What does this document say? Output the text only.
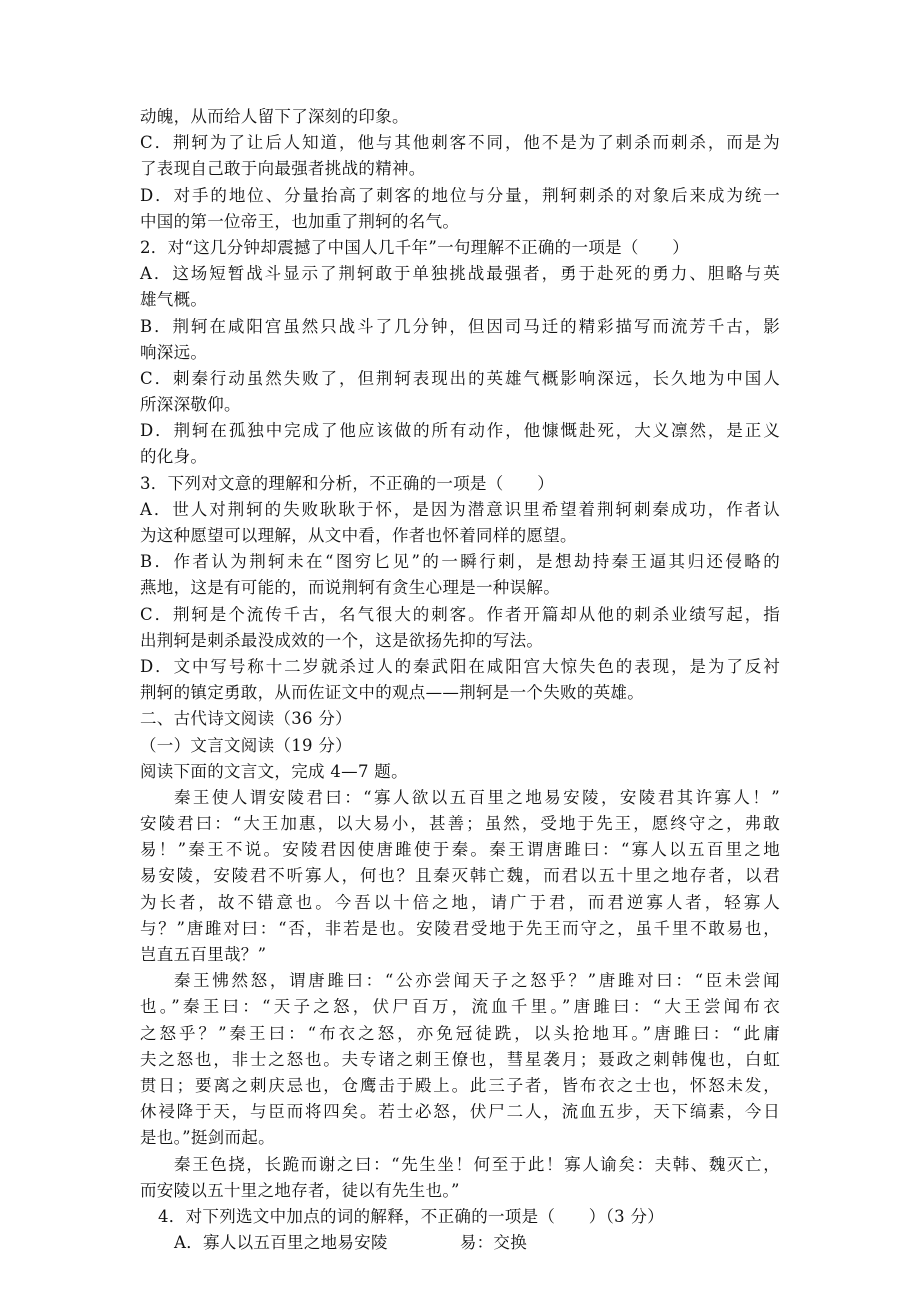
动魄，从而给人留下了深刻的印象。
C．荆轲为了让后人知道，他与其他刺客不同，他不是为了刺杀而刺杀，而是为
了表现自己敢于向最强者挑战的精神。
D．对手的地位、分量抬高了刺客的地位与分量，荆轲刺杀的对象后来成为统一
中国的第一位帝王，也加重了荆轲的名气。
2．对“这几分钟却震撼了中国人几千年”一句理解不正确的一项是（　　）
A．这场短暂战斗显示了荆轲敢于单独挑战最强者，勇于赴死的勇力、胆略与英
雄气概。
B．荆轲在咸阳宫虽然只战斗了几分钟，但因司马迁的精彩描写而流芳千古，影
响深远。
C．刺秦行动虽然失败了，但荆轲表现出的英雄气概影响深远，长久地为中国人
所深深敬仰。
D．荆轲在孤独中完成了他应该做的所有动作，他慷慨赴死，大义凛然，是正义
的化身。
3．下列对文意的理解和分析，不正确的一项是（　　）
A．世人对荆轲的失败耿耿于怀，是因为潜意识里希望着荆轲刺秦成功，作者认
为这种愿望可以理解，从文中看，作者也怀着同样的愿望。
B．作者认为荆轲未在“图穷匕见”的一瞬行刺，是想劫持秦王逼其归还侵略的
燕地，这是有可能的，而说荆轲有贪生心理是一种误解。
C．荆轲是个流传千古，名气很大的刺客。作者开篇却从他的刺杀业绩写起，指
出荆轲是刺杀最没成效的一个，这是欲扬先抑的写法。
D．文中写号称十二岁就杀过人的秦武阳在咸阳宫大惊失色的表现，是为了反衬
荆轲的镇定勇敢，从而佐证文中的观点——荆轲是一个失败的英雄。
二、古代诗文阅读（36 分）
（一）文言文阅读（19 分）
阅读下面的文言文，完成 4—7 题。
秦王使人谓安陵君曰：“寡人欲以五百里之地易安陵，安陵君其许寡人！”
安陵君曰：“大王加惠，以大易小，甚善；虽然，受地于先王，愿终守之，弗敢
易！”秦王不说。安陵君因使唐雎使于秦。秦王谓唐雎曰：“寡人以五百里之地
易安陵，安陵君不听寡人，何也？且秦灭韩亡魏，而君以五十里之地存者，以君
为长者，故不错意也。今吾以十倍之地，请广于君，而君逆寡人者，轻寡人
与？”唐雎对曰：“否，非若是也。安陵君受地于先王而守之，虽千里不敢易也，
岂直五百里哉？”
秦王怫然怒，谓唐雎曰：“公亦尝闻天子之怒乎？”唐雎对曰：“臣未尝闻
也。”秦王曰：“天子之怒，伏尸百万，流血千里。”唐雎曰：“大王尝闻布衣
之怒乎？”秦王曰：“布衣之怒，亦免冠徒跣，以头抢地耳。”唐雎曰：“此庸
夫之怒也，非士之怒也。夫专诸之刺王僚也，彗星袭月；聂政之刺韩傀也，白虹
贯日；要离之刺庆忌也，仓鹰击于殿上。此三子者，皆布衣之士也，怀怒未发，
休祲降于天，与臣而将四矣。若士必怒，伏尸二人，流血五步，天下缟素，今日
是也。”挺剑而起。
秦王色挠，长跪而谢之曰：“先生坐！何至于此！寡人谕矣：夫韩、魏灭亡，
而安陵以五十里之地存者，徒以有先生也。”
4．对下列选文中加点的词的解释，不正确的一项是（　　）（3 分）
A．寡人以五百里之地易安陵	易：交换
